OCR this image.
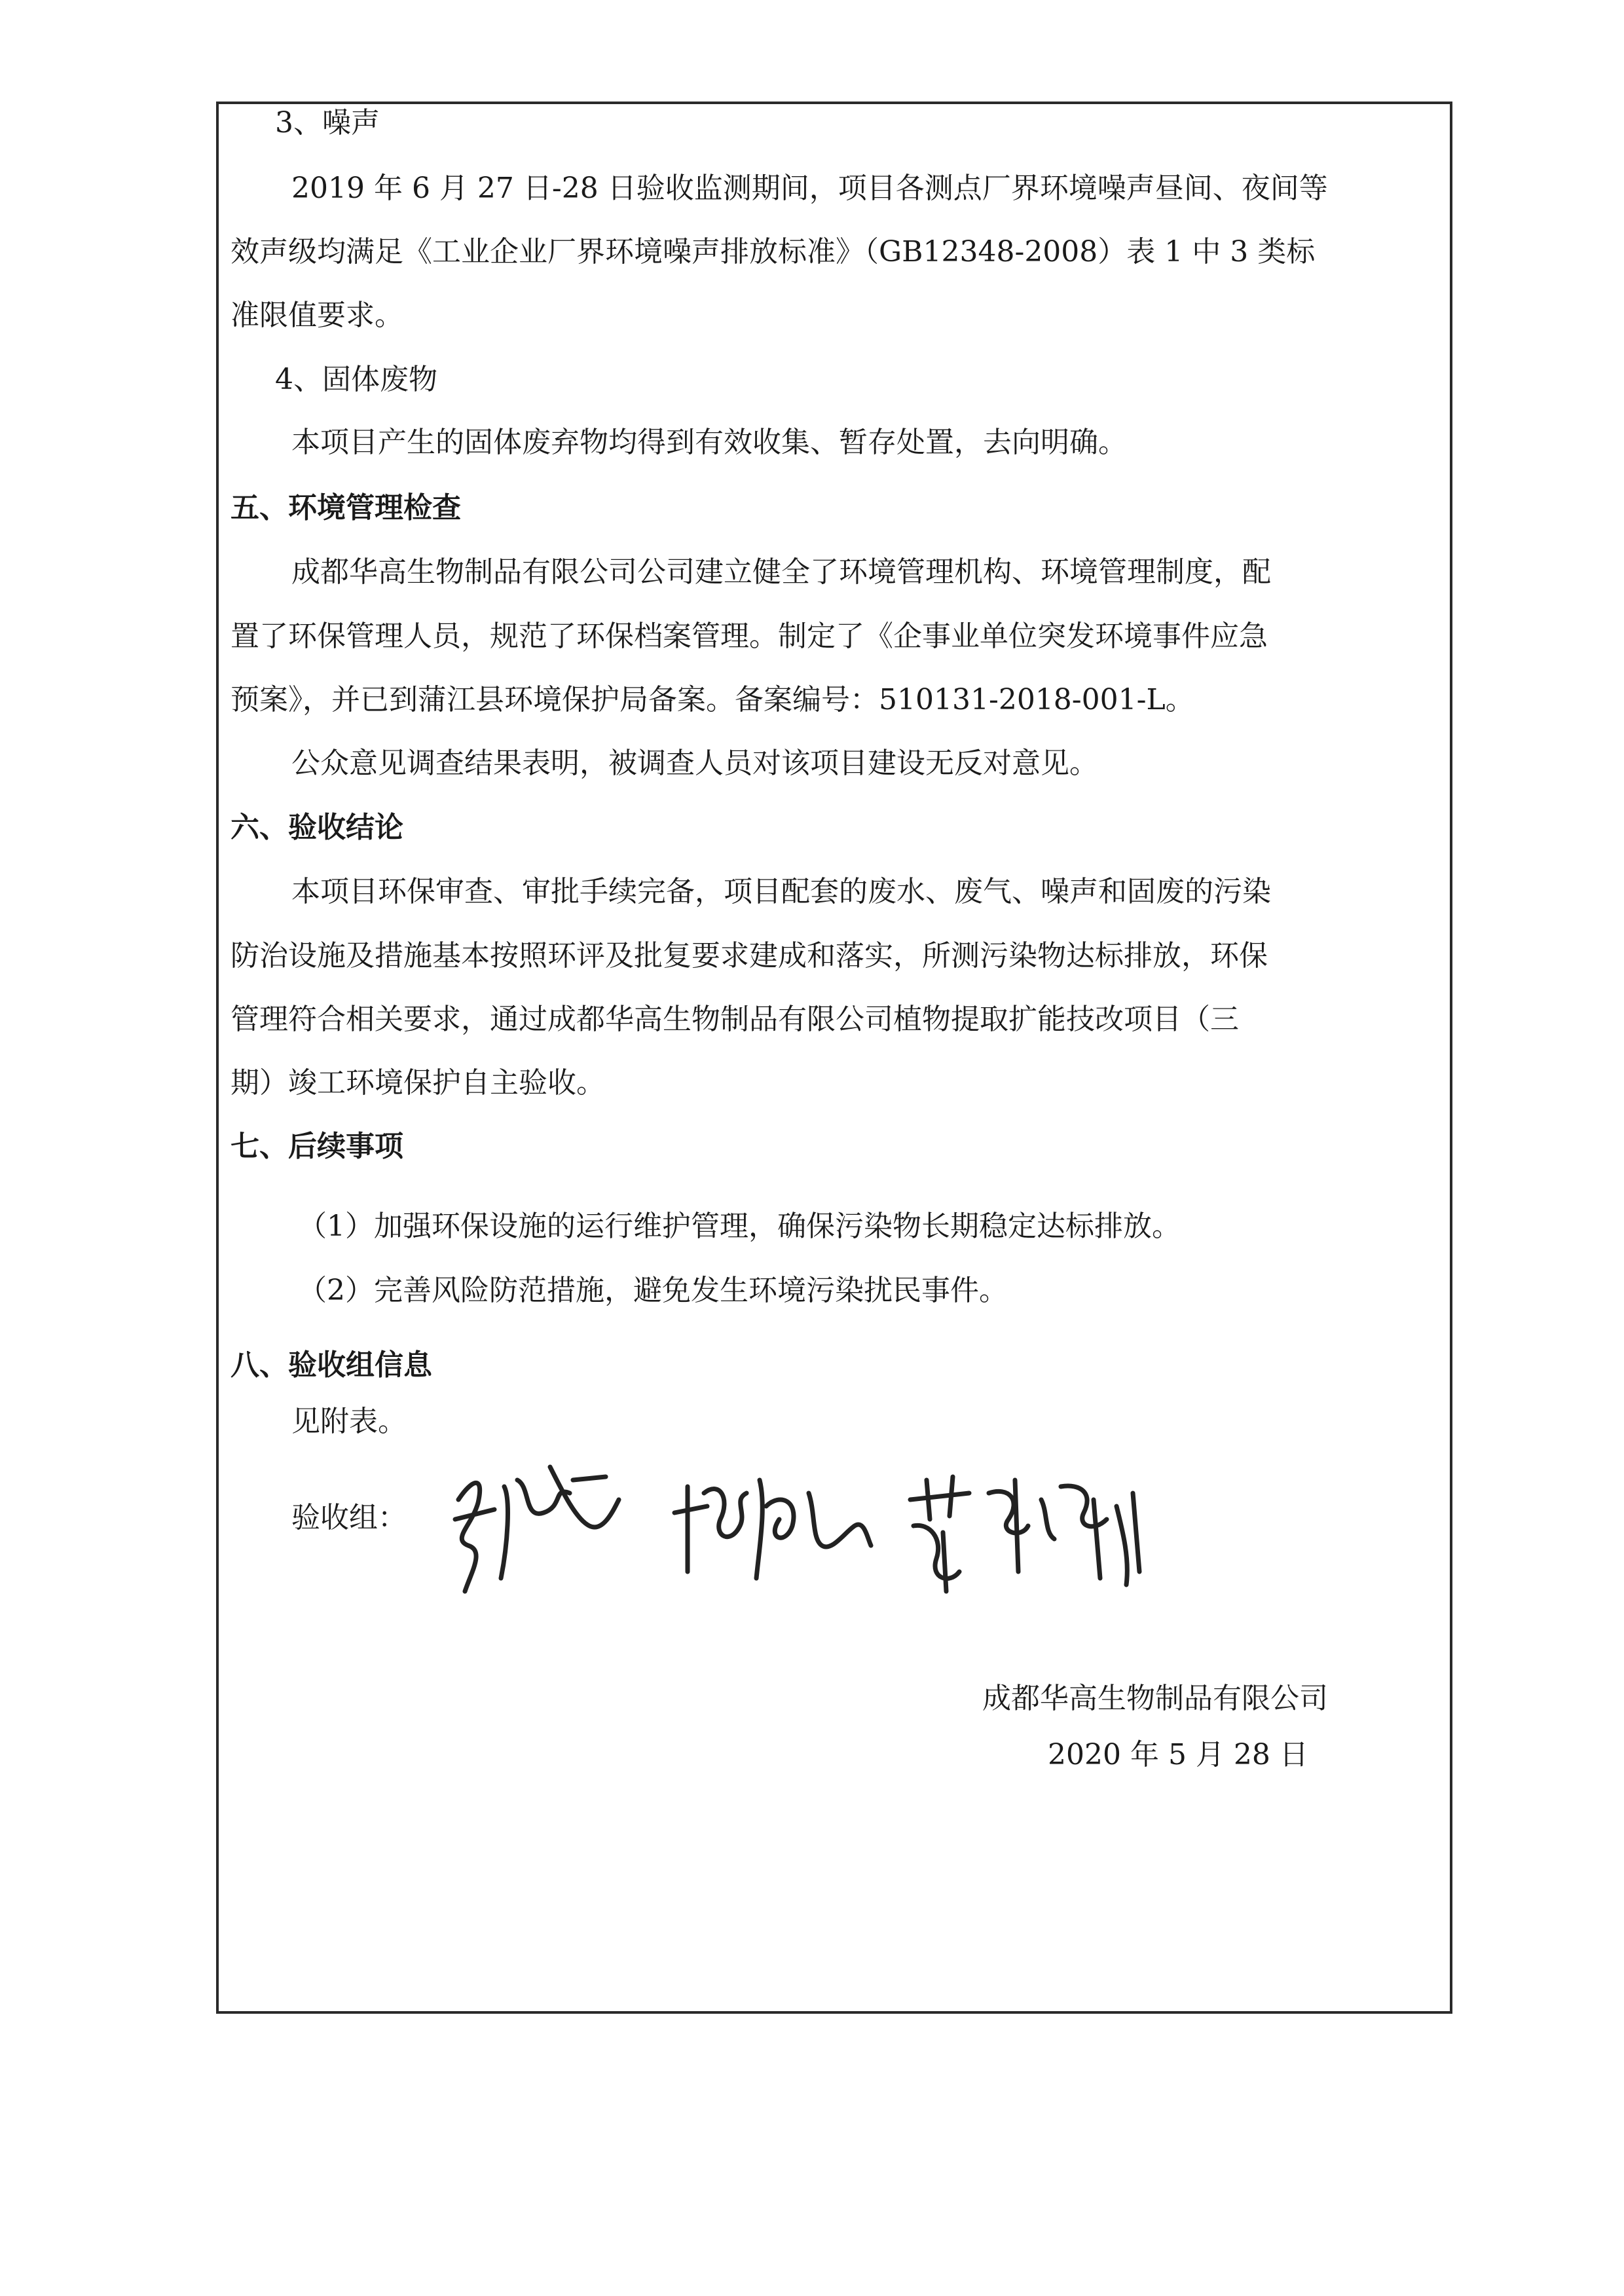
3、噪声
2019 年 6 月 27 日-28 日验收监测期间，项目各测点厂界环境噪声昼间、夜间等
效声级均满足《工业企业厂界环境噪声排放标准》（GB12348-2008）表 1 中 3 类标
准限值要求。
4、固体废物
本项目产生的固体废弃物均得到有效收集、暂存处置，去向明确。
五、环境管理检查
成都华高生物制品有限公司公司建立健全了环境管理机构、环境管理制度，配
置了环保管理人员，规范了环保档案管理。制定了《企事业单位突发环境事件应急
预案》，并已到蒲江县环境保护局备案。备案编号：510131-2018-001-L。
公众意见调查结果表明，被调查人员对该项目建设无反对意见。
六、验收结论
本项目环保审查、审批手续完备，项目配套的废水、废气、噪声和固废的污染
防治设施及措施基本按照环评及批复要求建成和落实，所测污染物达标排放，环保
管理符合相关要求，通过成都华高生物制品有限公司植物提取扩能技改项目（三
期）竣工环境保护自主验收。
七、后续事项
（1）加强环保设施的运行维护管理，确保污染物长期稳定达标排放。
（2）完善风险防范措施，避免发生环境污染扰民事件。
八、验收组信息
见附表。
验收组：
成都华高生物制品有限公司
2020 年 5 月 28 日
